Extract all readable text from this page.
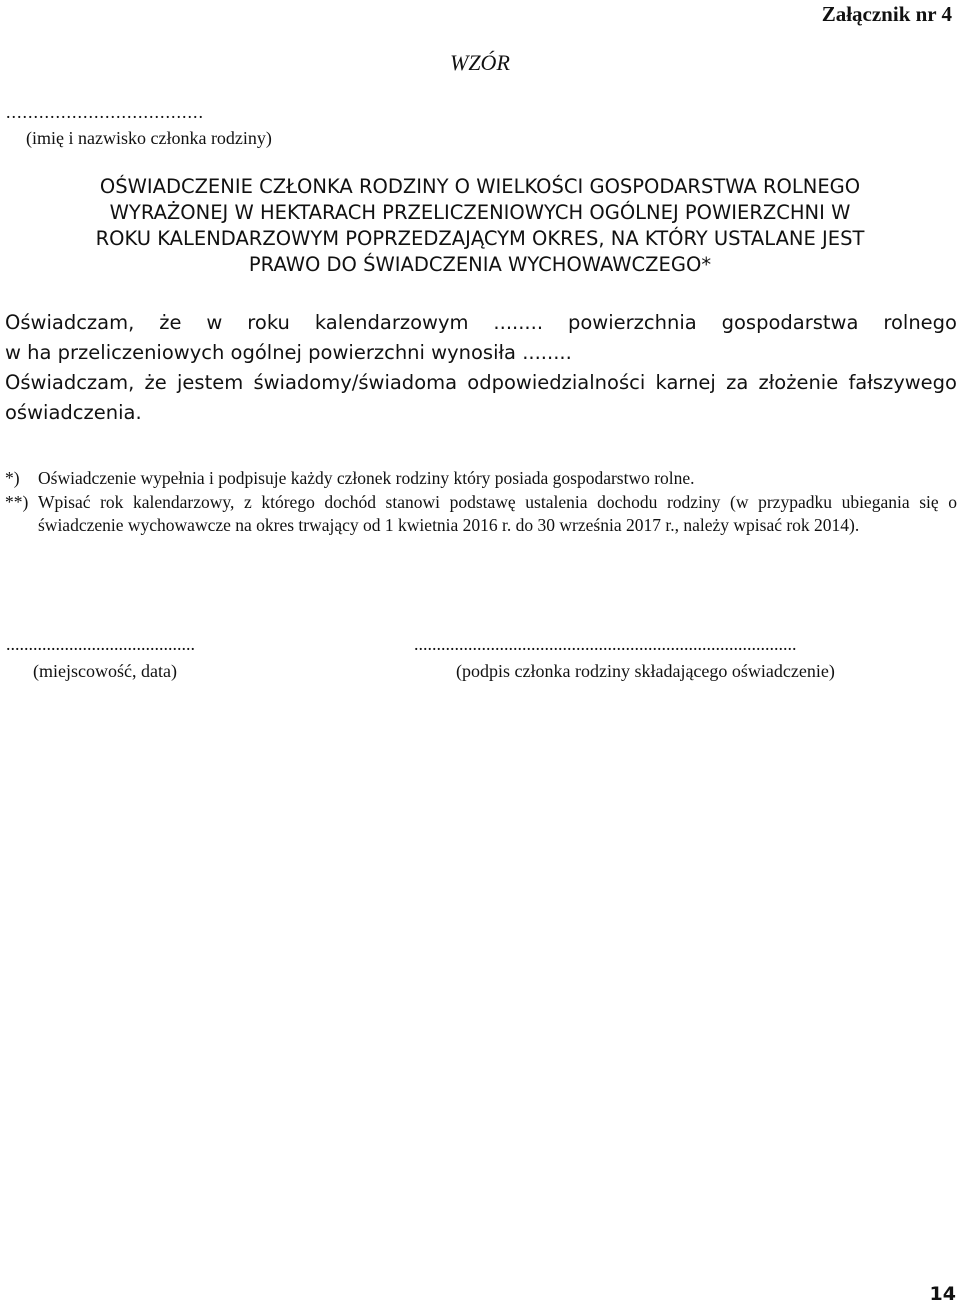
Załącznik nr 4
WZÓR
....................................
(imię i nazwisko członka rodziny)
OŚWIADCZENIE CZŁONKA RODZINY O WIELKOŚCI GOSPODARSTWA ROLNEGO
WYRAŻONEJ W HEKTARACH PRZELICZENIOWYCH OGÓLNEJ POWIERZCHNI W
ROKU KALENDARZOWYM POPRZEDZAJĄCYM OKRES, NA KTÓRY USTALANE JEST
PRAWO DO ŚWIADCZENIA WYCHOWAWCZEGO*
Oświadczam, że w roku kalendarzowym ........ powierzchnia gospodarstwa rolnego
w ha przeliczeniowych ogólnej powierzchni wynosiła ........
Oświadczam, że jestem świadomy/świadoma odpowiedzialności karnej za złożenie fałszywego
oświadczenia.
*) Oświadczenie wypełnia i podpisuje każdy członek rodziny który posiada gospodarstwo rolne.
**) Wpisać rok kalendarzowy, z którego dochód stanowi podstawę ustalenia dochodu rodziny (w przypadku ubiegania się o świadczenie wychowawcze na okres trwający od 1 kwietnia 2016 r. do 30 września 2017 r., należy wpisać rok 2014).
..........................................
(miejscowość, data)
.....................................................................................
(podpis członka rodziny składającego oświadczenie)
14
